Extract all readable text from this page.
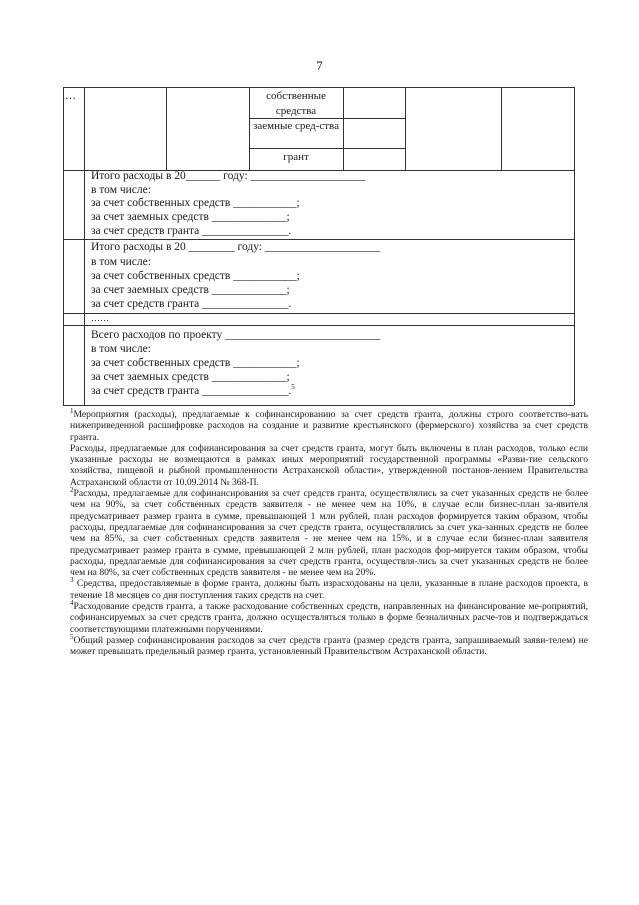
7
…	собственные средства
заемные сред-ства
грант
Итого расходы в 20______ году: ____________________
в том числе:
за счет собственных средств ___________;
за счет заемных средств _____________;
за счет средств гранта _______________.
Итого расходы в 20 ________ году: ____________________
в том числе:
за счет собственных средств ___________;
за счет заемных средств _____________;
за счет средств гранта _______________.
……
Всего расходов по проекту ___________________________
в том числе:
за счет собственных средств ___________;
за счет заемных средств _____________;
за счет средств гранта _______________.$^5$

$^1$Мероприятия (расходы), предлагаемые к софинансированию за счет средств гранта, должны строго соответство-вать нижеприведенной расшифровке расходов на создание и развитие крестьянского (фермерского) хозяйства за счет средств гранта.

Расходы, предлагаемые для софинансирования за счет средств гранта, могут быть включены в план расходов, только если указанные расходы не возмещаются в рамках иных мероприятий государственной программы «Разви-тие сельского хозяйства, пищевой и рыбной промышленности Астраханской области», утвержденной постанов-лением Правительства Астраханской области от 10.09.2014 № 368-П.

$^2$Расходы, предлагаемые для софинансирования за счет средств гранта, осуществлялись за счет указанных средств не более чем на 90%, за счет собственных средств заявителя - не менее чем на 10%, в случае если бизнес-план за-явителя предусматривает размер гранта в сумме, превышающей 1 млн рублей, план расходов формируется таким образом, чтобы расходы, предлагаемые для софинансирования за счет средств гранта, осуществлялись за счет ука-занных средств не более чем на 85%, за счет собственных средств заявителя - не менее чем на 15%, и в случае если бизнес-план заявителя предусматривает размер гранта в сумме, превышающей 2 млн рублей, план расходов фор-мируется таким образом, чтобы расходы, предлагаемые для софинансирования за счет средств гранта, осуществля-лись за счет указанных средств не более чем на 80%, за счет собственных средств заявителя - не менее чем на 20%.

$^3$ Средства, предоставляемые в форме гранта, должны быть израсходованы на цели, указанные в плане расходов проекта, в течение 18 месяцев со дня поступления таких средств на счет.

$^4$Расходование средств гранта, а также расходование собственных средств, направленных на финансирование ме-роприятий, софинансируемых за счет средств гранта, должно осуществляться только в форме безналичных расче-тов и подтверждаться соответствующими платежными поручениями.

$^5$Общий размер софинансирования расходов за счет средств гранта (размер средств гранта, запрашиваемый заяви-телем) не может превышать предельный размер гранта, установленный Правительством Астраханской области.
